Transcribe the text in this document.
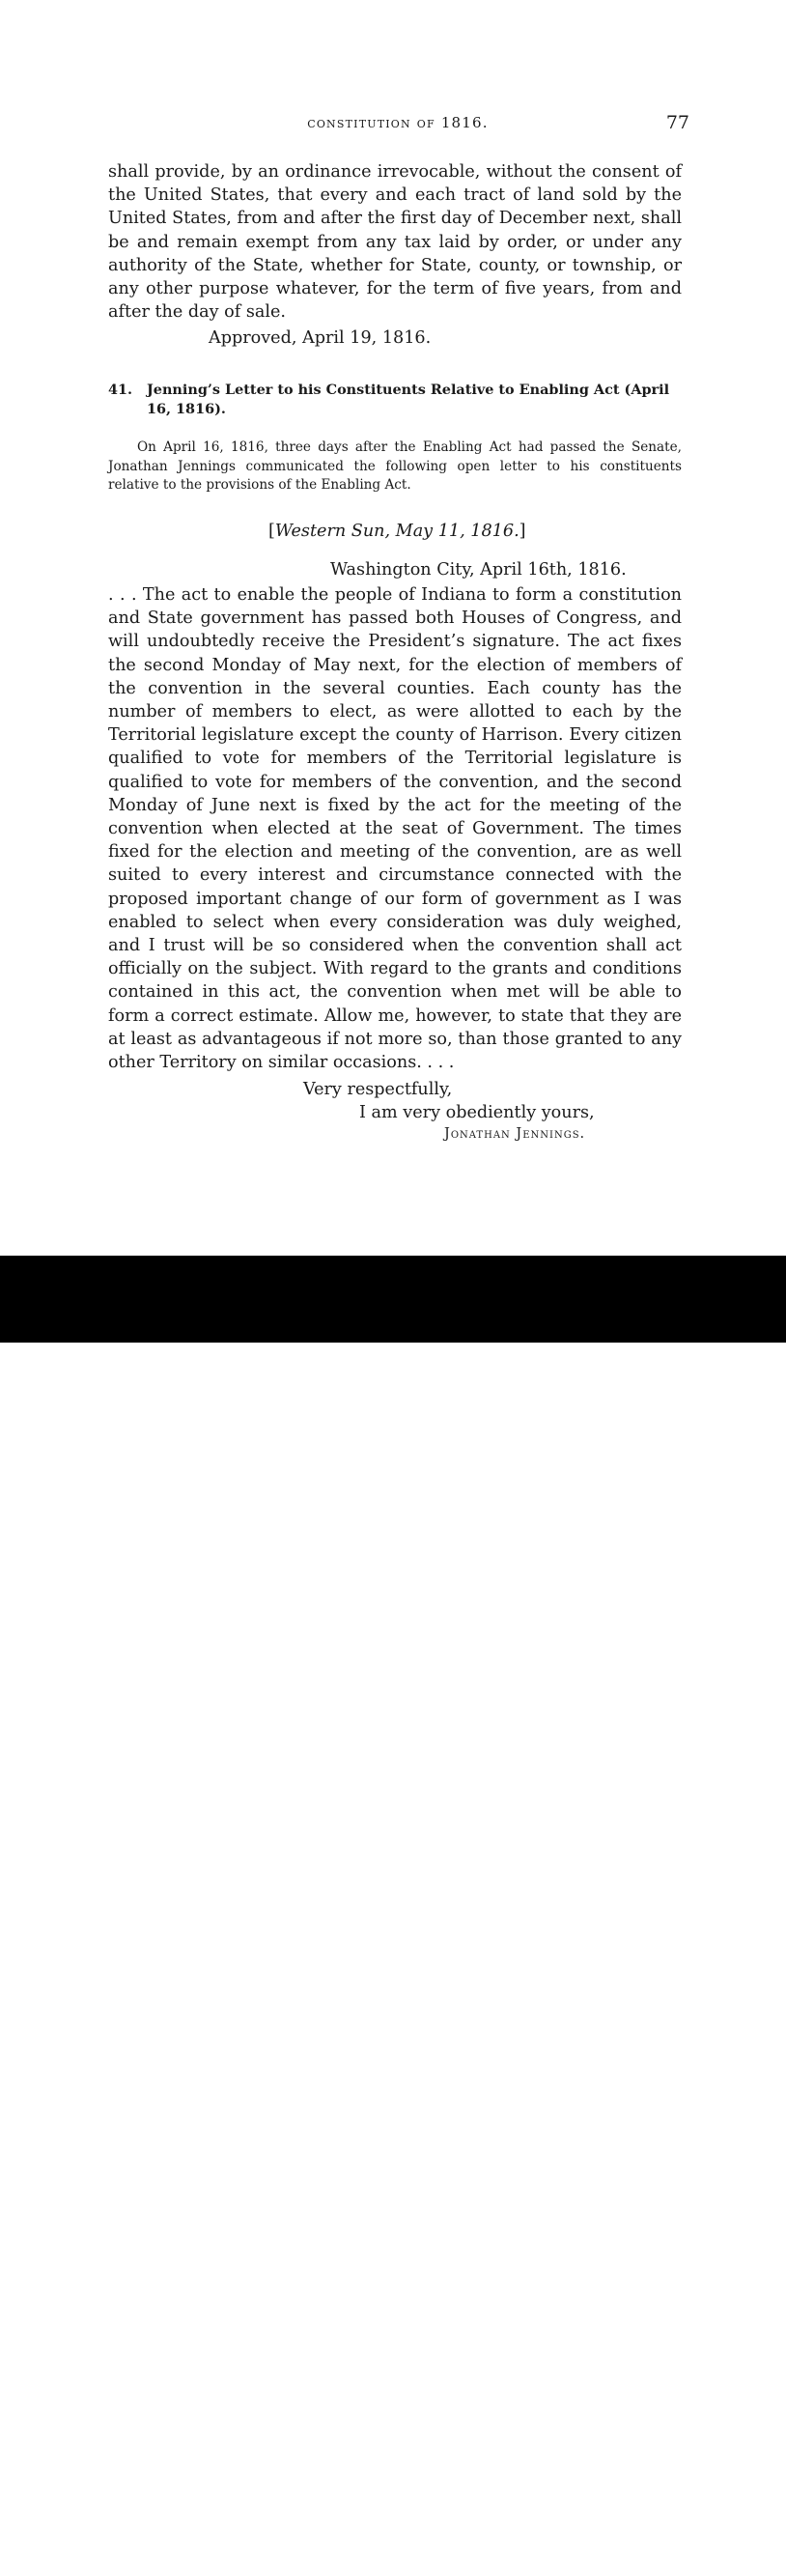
constitution of 1816.	77

shall provide, by an ordinance irrevocable, without the consent of the United States, that every and each tract of land sold by the United States, from and after the first day of December next, shall be and remain exempt from any tax laid by order, or under any authority of the State, whether for State, county, or township, or any other purpose whatever, for the term of five years, from and after the day of sale.

Approved, April 19, 1816.

41.	Jenning’s Letter to his Constituents Relative to Enabling Act (April 16, 1816).

On April 16, 1816, three days after the Enabling Act had passed the Senate, Jonathan Jennings communicated the following open letter to his constituents relative to the provisions of the Enabling Act.

[Western Sun, May 11, 1816.]

Washington City, April 16th, 1816.

. . . The act to enable the people of Indiana to form a constitution and State government has passed both Houses of Congress, and will undoubtedly receive the President’s signature. The act fixes the second Monday of May next, for the election of members of the convention in the several counties. Each county has the number of members to elect, as were allotted to each by the Territorial legislature except the county of Harrison. Every citizen qualified to vote for members of the Territorial legislature is qualified to vote for members of the convention, and the second Monday of June next is fixed by the act for the meeting of the convention when elected at the seat of Government. The times fixed for the election and meeting of the convention, are as well suited to every interest and circumstance connected with the proposed important change of our form of government as I was enabled to select when every consideration was duly weighed, and I trust will be so considered when the convention shall act officially on the subject. With regard to the grants and conditions contained in this act, the convention when met will be able to form a correct estimate. Allow me, however, to state that they are at least as advantageous if not more so, than those granted to any other Territory on similar occasions. . . .

Very respectfully,

I am very obediently yours,

Jonathan Jennings.

alamy	3BFXP1E
www.alamy.com
